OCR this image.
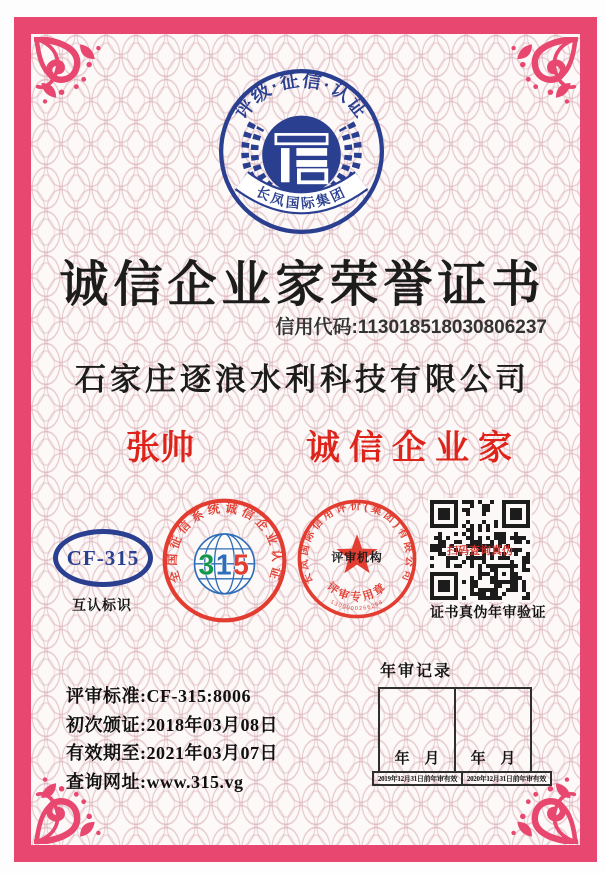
评级·征信·认证
长凤国际集团
诚信企业家荣誉证书
信用代码:113018518030806237
石家庄逐浪水利科技有限公司
张帅	诚信企业家
CF-315
互认标识
全国征信系统诚信企业认证
315	长凤国际信用评价(集团)有限公司
评审机构
评审专用章
1300000266258
扫码查询真伪
证书真伪年审验证
评审标准:CF-315:8006
初次颁证:2018年03月08日
有效期至:2021年03月07日
查询网址:www.315.vg
年审记录
年 月 年 月
2019年12月31日前年审有效	2020年12月31日前年审有效
